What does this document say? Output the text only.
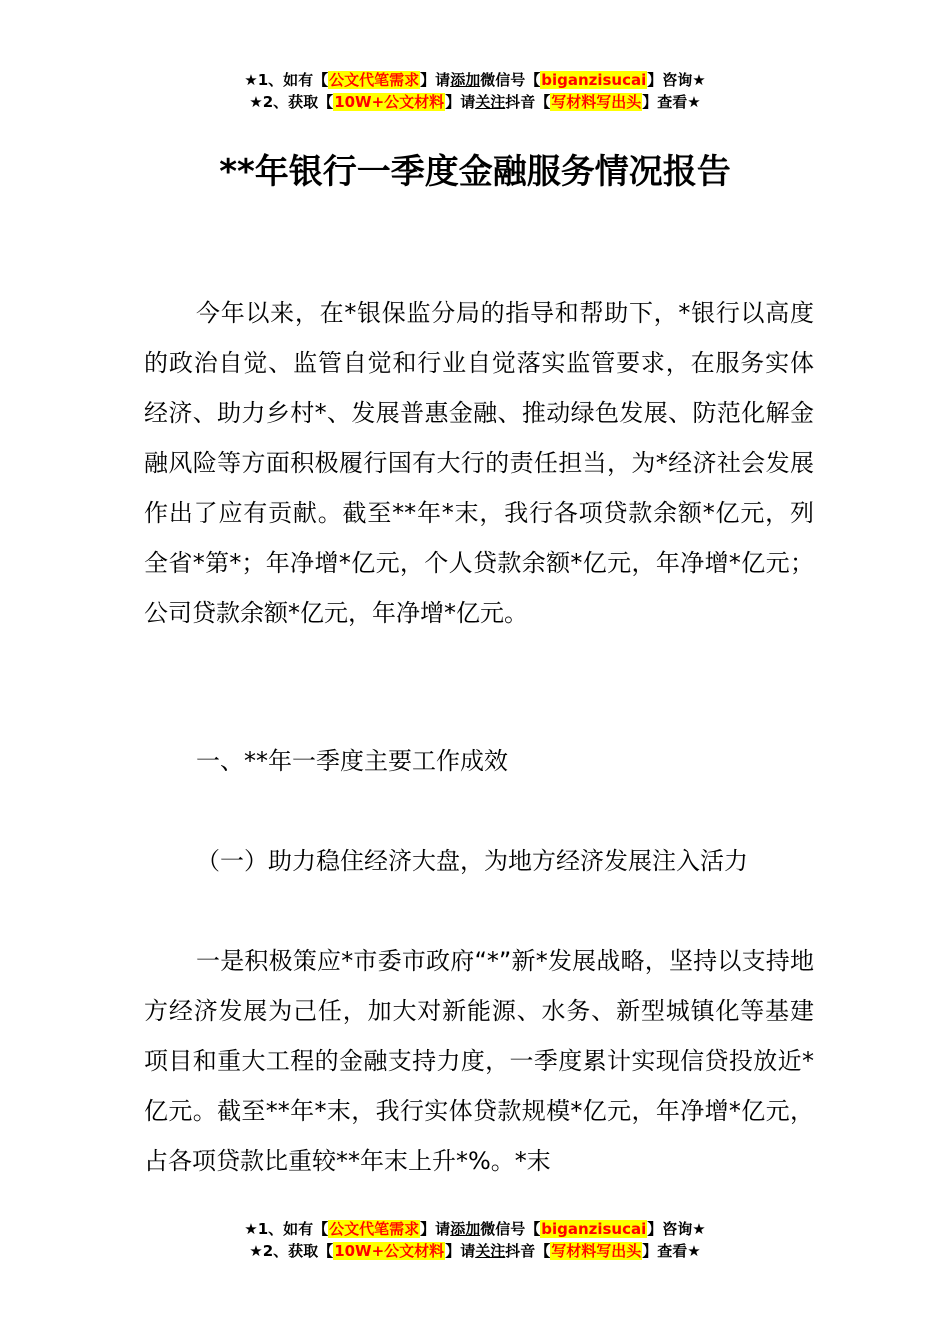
★1、如有【公文代笔需求】请添加微信号【biganzisucai】咨询★
★2、获取【10W+公文材料】请关注抖音【写材料写出头】查看★
**年银行一季度金融服务情况报告

今年以来，在*银保监分局的指导和帮助下，*银行以高度的政治自觉、监管自觉和行业自觉落实监管要求，在服务实体经济、助力乡村*、发展普惠金融、推动绿色发展、防范化解金融风险等方面积极履行国有大行的责任担当，为*经济社会发展作出了应有贡献。截至**年*末，我行各项贷款余额*亿元，列全省*第*；年净增*亿元，个人贷款余额*亿元，年净增*亿元；公司贷款余额*亿元，年净增*亿元。

一、**年一季度主要工作成效

（一）助力稳住经济大盘，为地方经济发展注入活力

一是积极策应*市委市政府“*”新*发展战略，坚持以支持地方经济发展为己任，加大对新能源、水务、新型城镇化等基建项目和重大工程的金融支持力度，一季度累计实现信贷投放近*亿元。截至**年*末，我行实体贷款规模*亿元，年净增*亿元，占各项贷款比重较**年末上升*%。*末

★1、如有【公文代笔需求】请添加微信号【biganzisucai】咨询★
★2、获取【10W+公文材料】请关注抖音【写材料写出头】查看★
